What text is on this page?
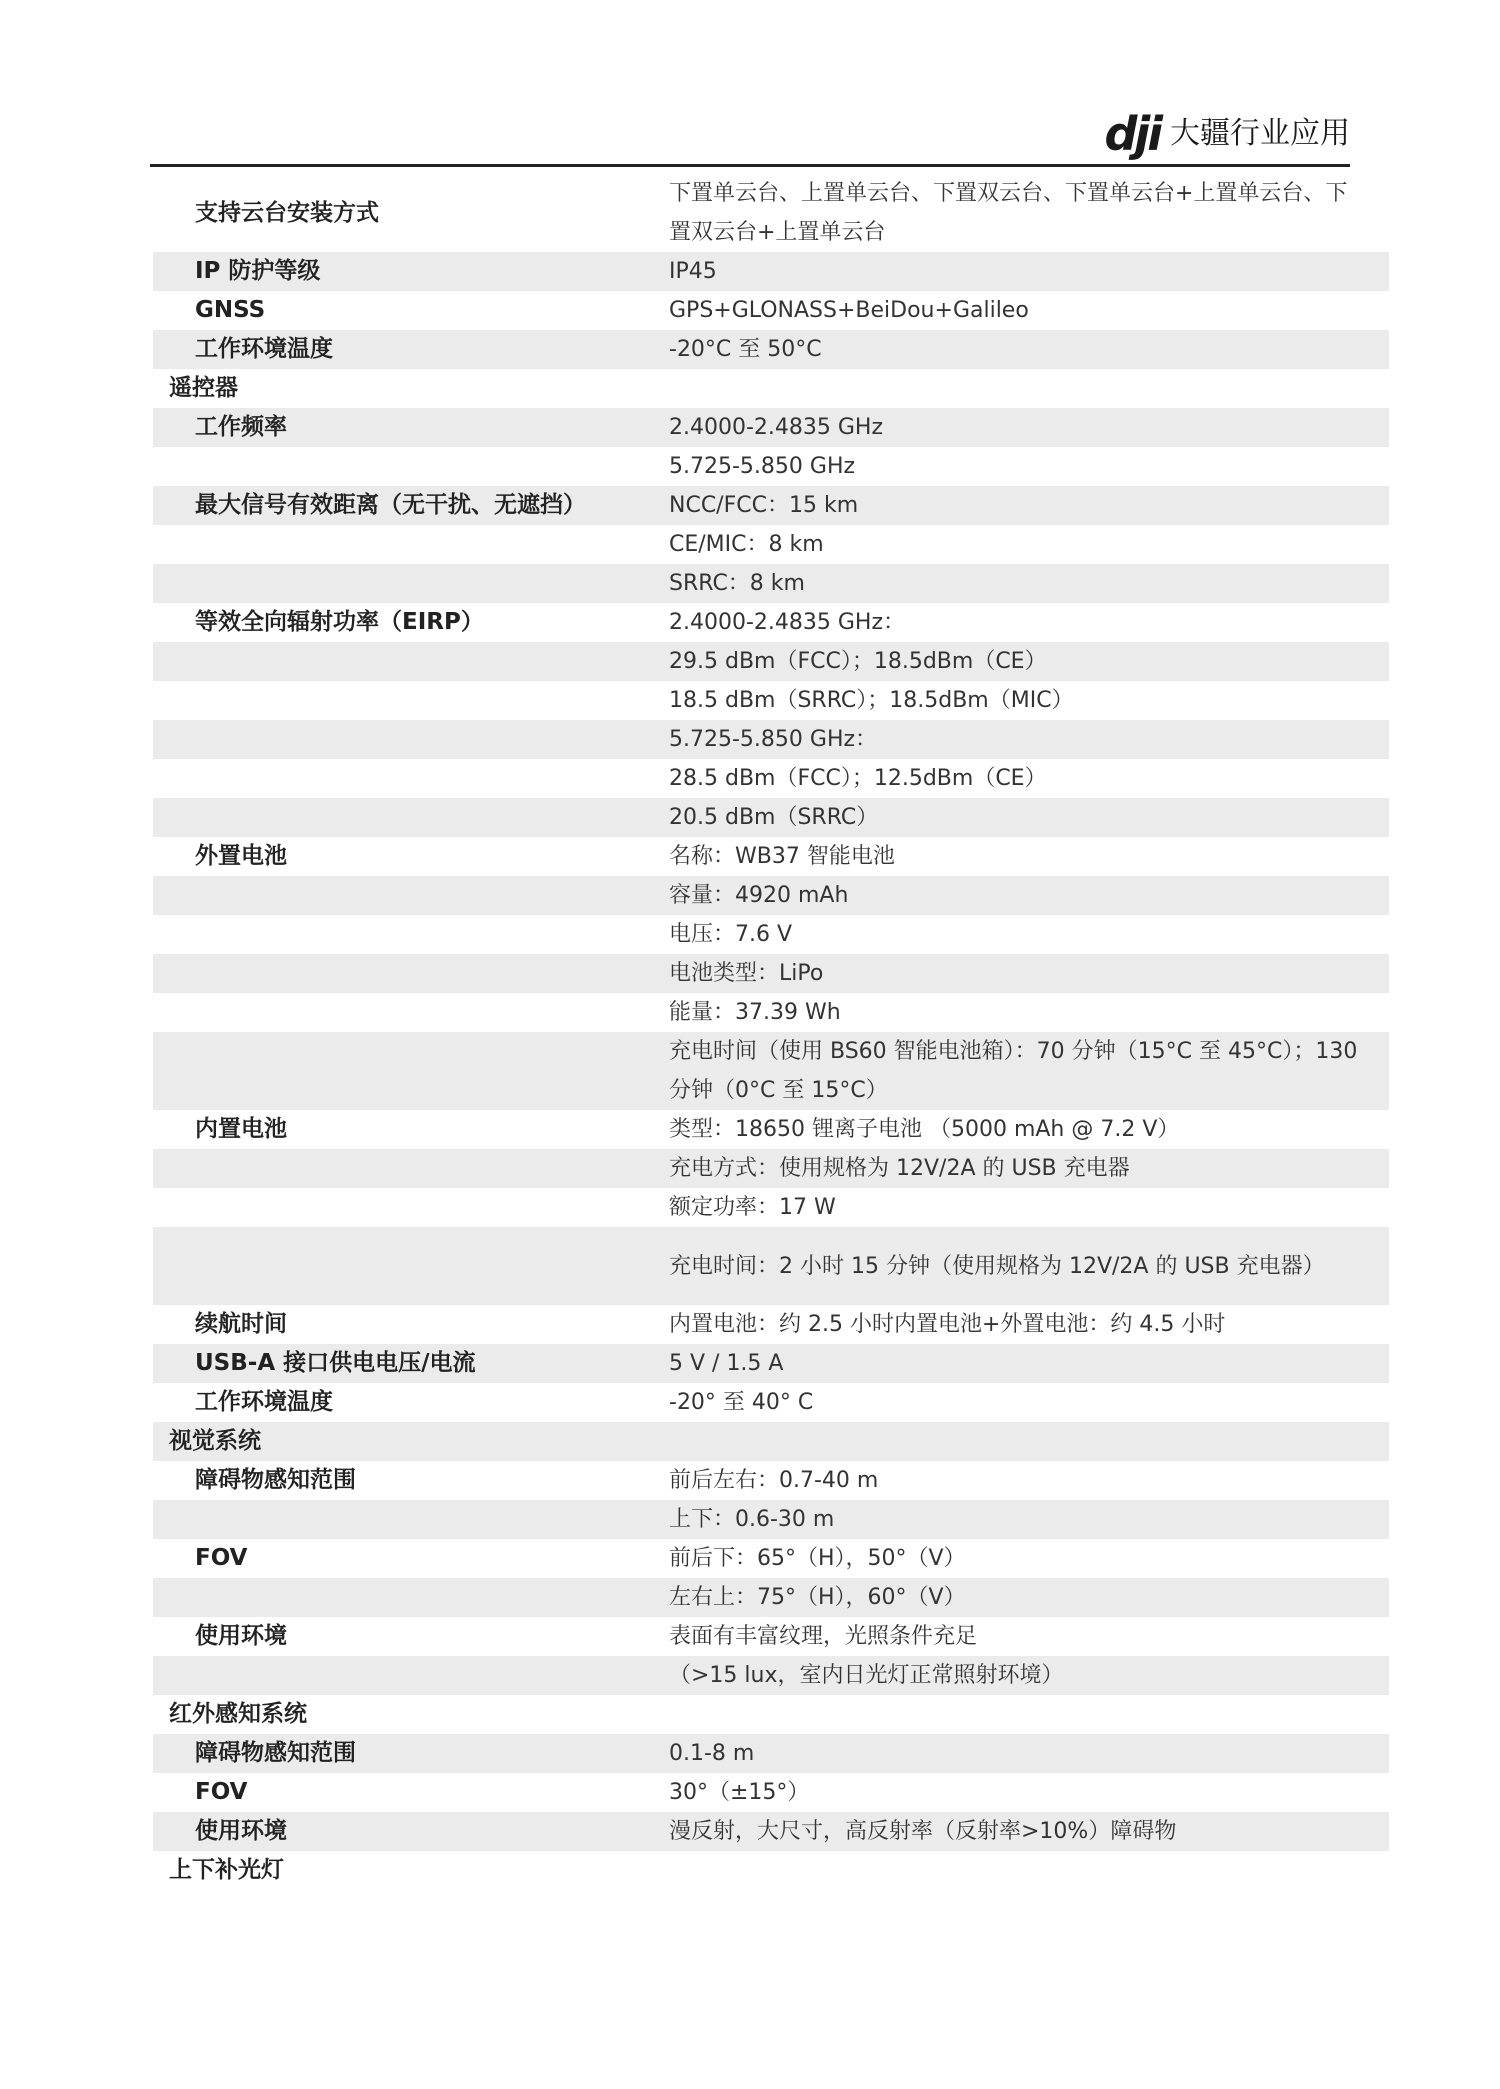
dji 大疆行业应用
支持云台安装方式
下置单云台、上置单云台、下置双云台、下置单云台+上置单云台、下置双云台+上置单云台
IP 防护等级	IP45
GNSS	GPS+GLONASS+BeiDou+Galileo
工作环境温度	-20°C 至 50°C
遥控器
工作频率	2.4000-2.4835 GHz
5.725-5.850 GHz
最大信号有效距离（无干扰、无遮挡）	NCC/FCC：15 km
CE/MIC：8 km
SRRC：8 km
等效全向辐射功率（EIRP）	2.4000-2.4835 GHz：
29.5 dBm（FCC）；18.5dBm（CE）
18.5 dBm（SRRC）；18.5dBm（MIC）
5.725-5.850 GHz：
28.5 dBm（FCC）；12.5dBm（CE）
20.5 dBm（SRRC）
外置电池	名称：WB37 智能电池
容量：4920 mAh
电压：7.6 V
电池类型：LiPo
能量：37.39 Wh
充电时间（使用 BS60 智能电池箱）：70 分钟（15°C 至 45°C）；130 分钟（0°C 至 15°C）
内置电池	类型：18650 锂离子电池 （5000 mAh @ 7.2 V）
充电方式：使用规格为 12V/2A 的 USB 充电器
额定功率：17 W
充电时间：2 小时 15 分钟（使用规格为 12V/2A 的 USB 充电器）
续航时间	内置电池：约 2.5 小时内置电池+外置电池：约 4.5 小时
USB-A 接口供电电压/电流	5 V / 1.5 A
工作环境温度	-20° 至 40° C
视觉系统
障碍物感知范围	前后左右：0.7-40 m
上下：0.6-30 m
FOV	前后下：65°（H），50°（V）
左右上：75°（H），60°（V）
使用环境	表面有丰富纹理，光照条件充足
（>15 lux，室内日光灯正常照射环境）
红外感知系统
障碍物感知范围	0.1-8 m
FOV	30°（±15°）
使用环境	漫反射，大尺寸，高反射率（反射率>10%）障碍物
上下补光灯
